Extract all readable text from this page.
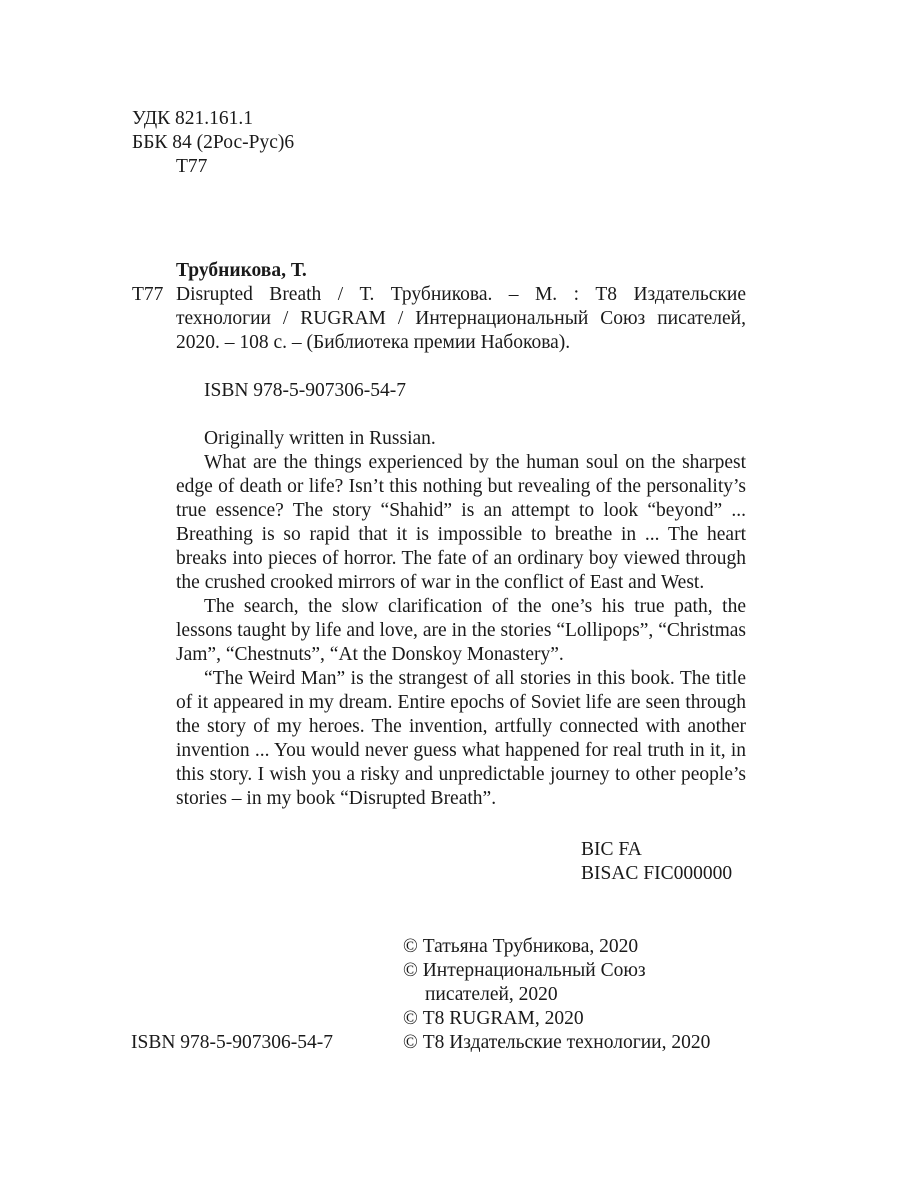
УДК 821.161.1
ББК 84 (2Рос-Рус)6
Т77
Трубникова, Т.
Т77 Disrupted Breath / Т. Трубникова. – М. : Т8 Издательские

технологии / RUGRAM / Интернациональный Союз писателей, 2020. – 108 с. – (Библиотека премии Набокова).

ISBN 978-5-907306-54-7

Originally written in Russian.

What are the things experienced by the human soul on the sharpest edge of death or life? Isn’t this nothing but revealing of the personality’s true essence? The story “Shahid” is an attempt to look “beyond” ... Breathing is so rapid that it is impossible to breathe in ... The heart breaks into pieces of horror. The fate of an ordinary boy viewed through the crushed crooked mirrors of war in the conflict of East and West.

The search, the slow clarification of the one’s his true path, the lessons taught by life and love, are in the stories “Lollipops”, “Christmas Jam”, “Chestnuts”, “At the Donskoy Monastery”.

“The Weird Man” is the strangest of all stories in this book. The title of it appeared in my dream. Entire epochs of Soviet life are seen through the story of my heroes. The invention, artfully connected with another invention ... You would never guess what happened for real truth in it, in this story. I wish you a risky and unpredictable journey to other people’s stories – in my book “Disrupted Breath”.

BIC FA
BISAC FIC000000
© Татьяна Трубникова, 2020
© Интернациональный Союз
писателей, 2020
© Т8 RUGRAM, 2020
© Т8 Издательские технологии, 2020
ISBN 978-5-907306-54-7
